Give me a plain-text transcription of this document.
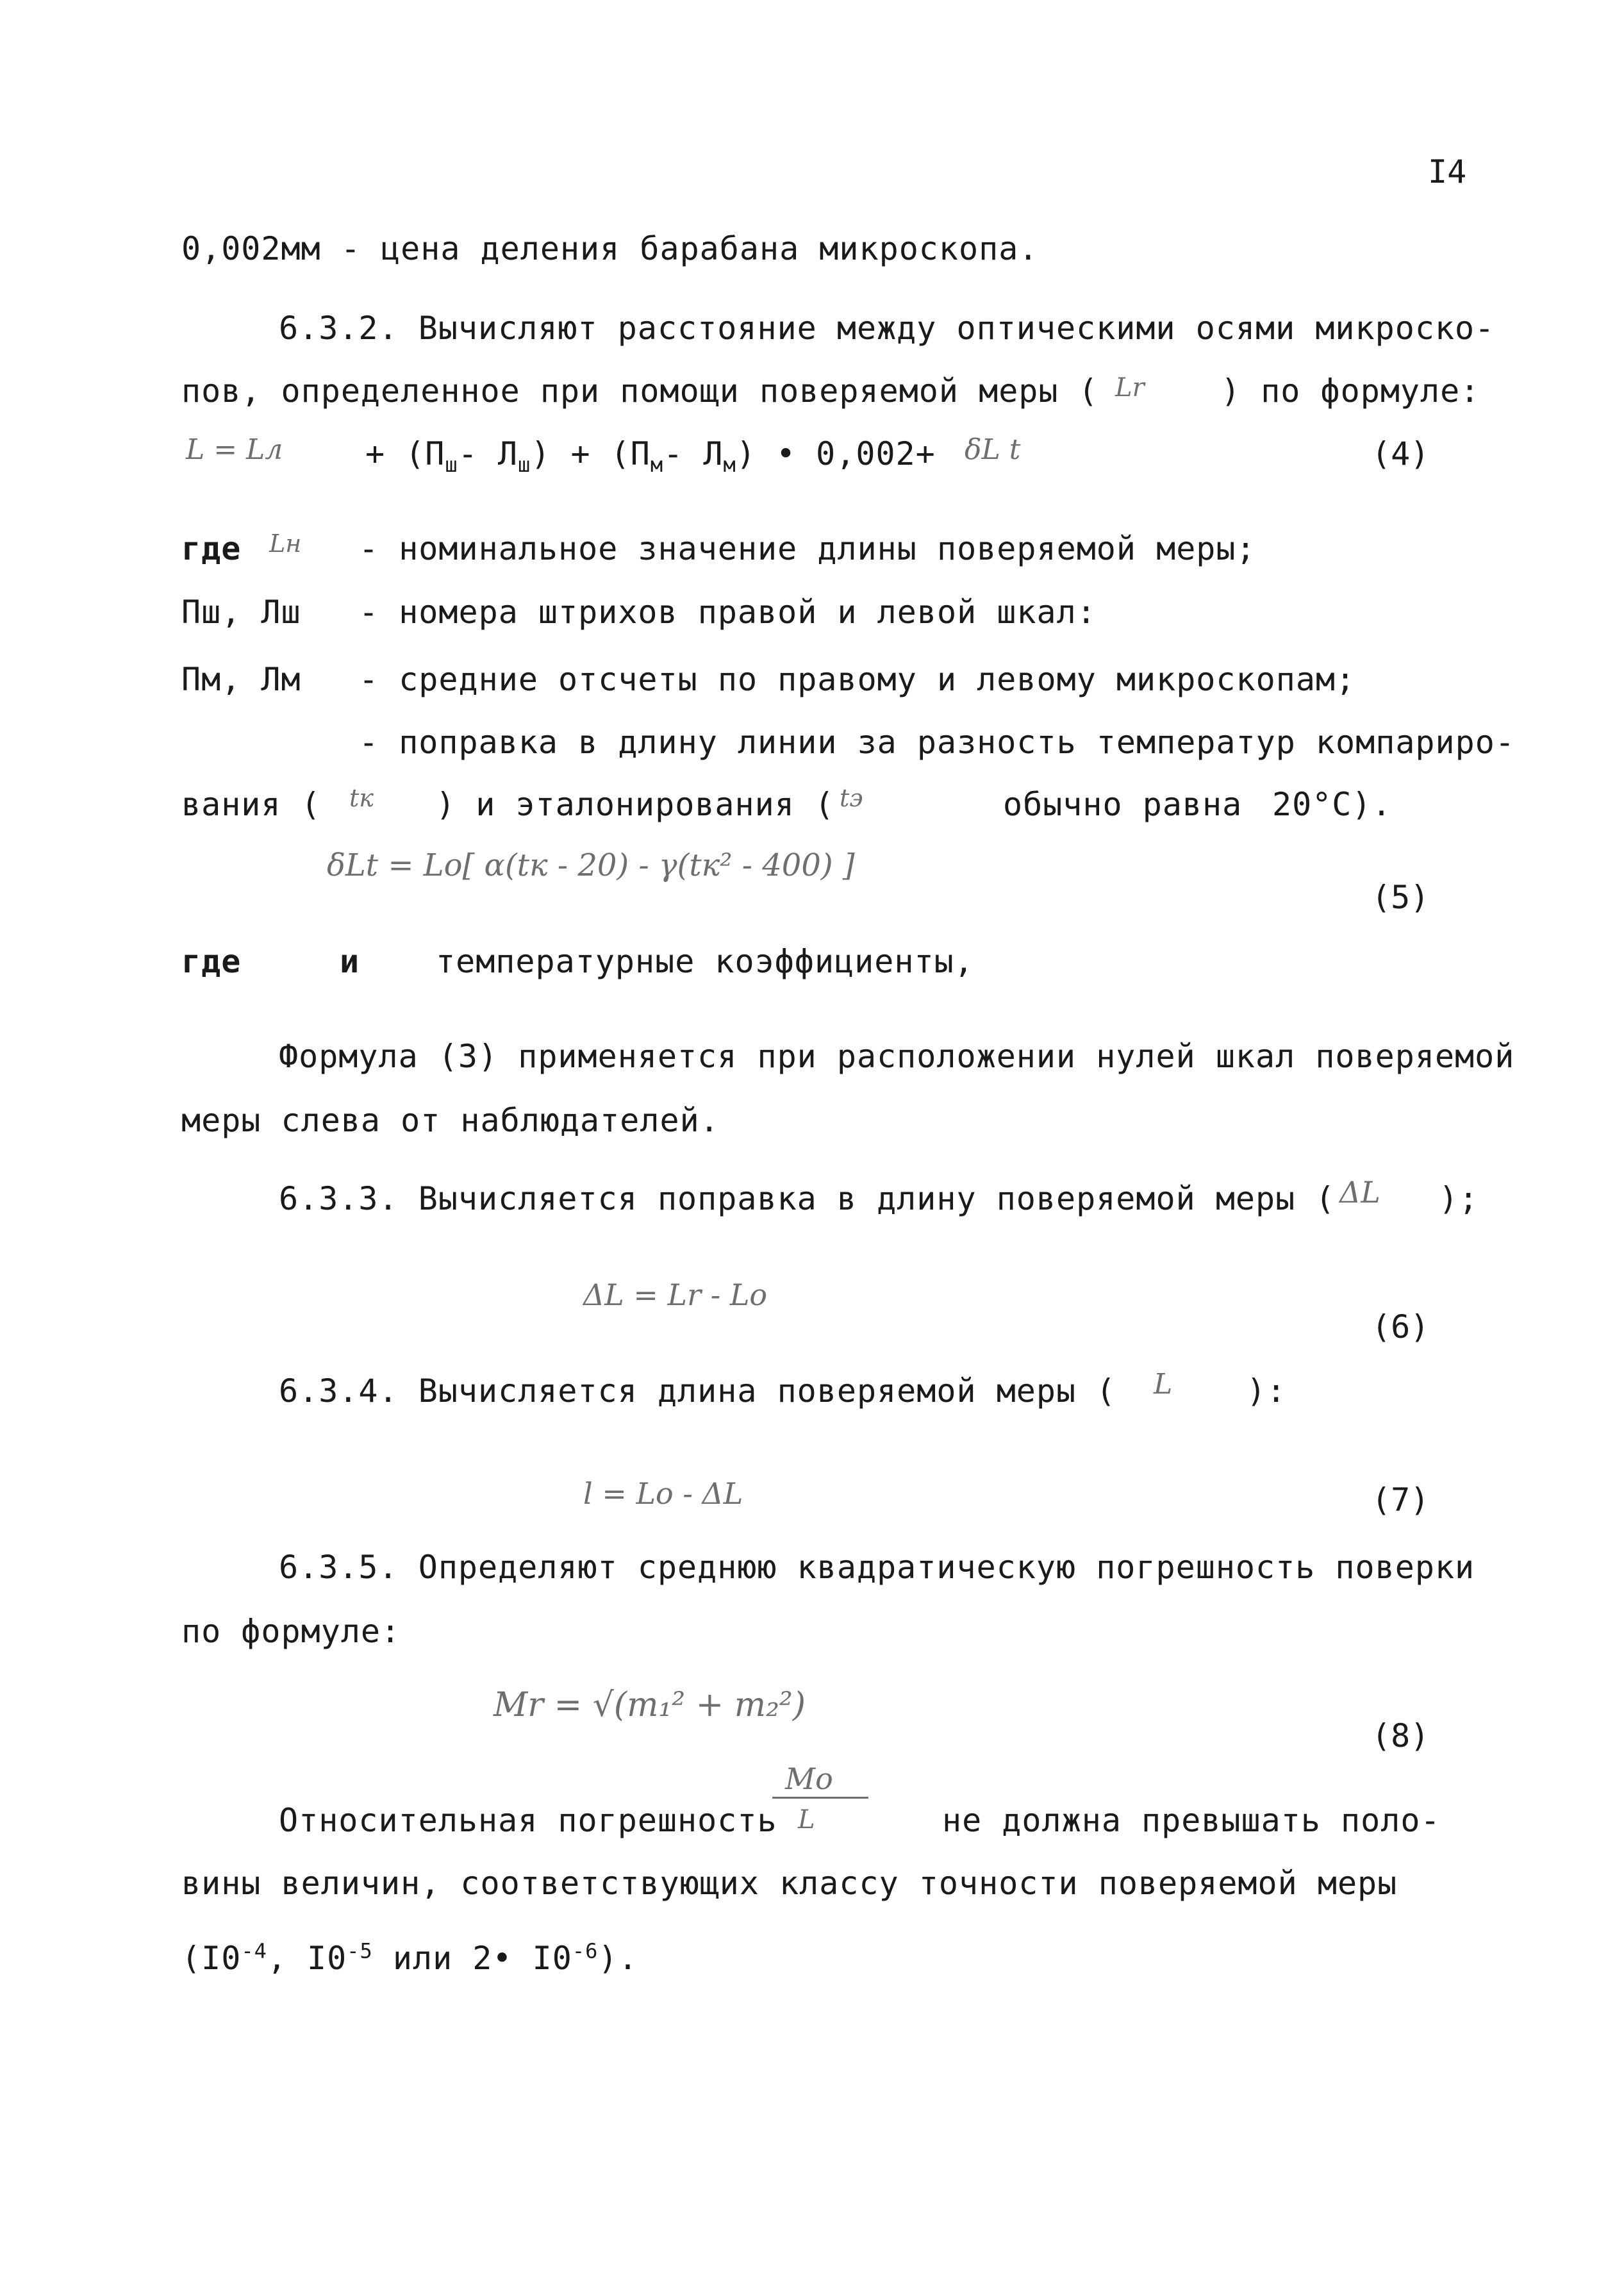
I4
0,002мм - цена деления барабана микроскопа.
6.3.2. Вычисляют расстояние между оптическими осями микроско-
пов, определенное при помощи поверяемой меры ( Lr ) по формуле:
L = Lл	+ ($П_ш-$ $Л_ш) + (П_м-$ $Л_м$) • 0,002+ δL t	(4)
где Lн - номинальное значение длины поверяемой меры;
Пш, Лш - номера штрихов правой и левой шкал:
Пм, Лм - средние отсчеты по правому и левому микроскопам;
- поправка в длину линии за разность температур компариро-
вания ( tк ) и эталонирования ( tэ	обычно равна 20°С).
δLt = Lо[ α(tк - 20) - γ(tк² - 400) ]
(5)
где	и температурные коэффициенты,
Формула (3) применяется при расположении нулей шкал поверяемой
меры слева от наблюдателей.
6.3.3. Вычисляется поправка в длину поверяемой меры ( ΔL );
ΔL = Lr - Lo
(6)
6.3.4. Вычисляется длина поверяемой меры ( L ):
l = Lo - ΔL	(7)
6.3.5. Определяют среднюю квадратическую погрешность поверки
по формуле:
Mr = √(m₁² + m₂²)
(8)
Относительная погрешность
Mo
L	не должна превышать поло-
вины величин, соответствующих классу точности поверяемой меры
($I0^{-4}$, $I0^{-5}$ или 2• $I0^{-6}$).
